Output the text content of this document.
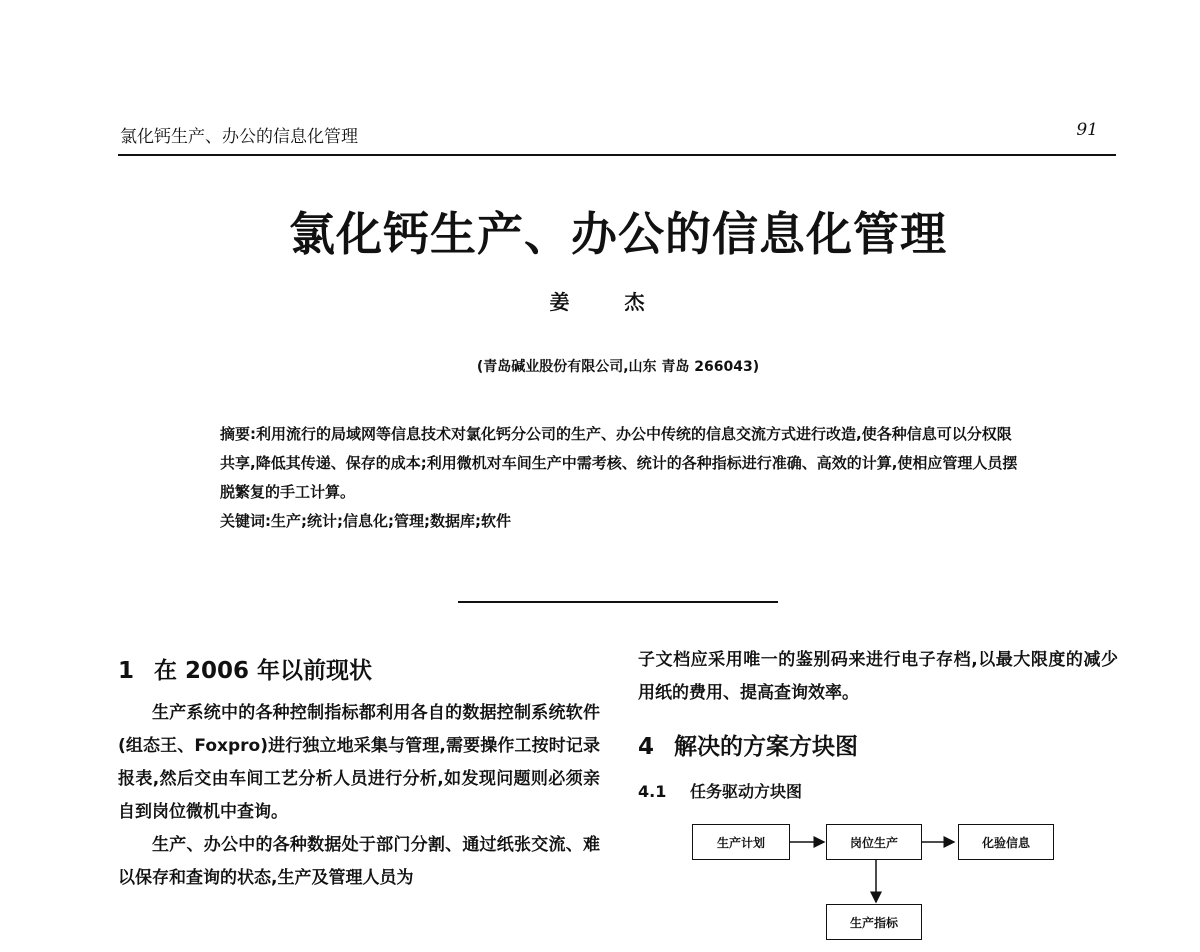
氯化钙生产、办公的信息化管理	91
氯化钙生产、办公的信息化管理
姜 杰
(青岛碱业股份有限公司,山东 青岛 266043)

摘要:利用流行的局域网等信息技术对氯化钙分公司的生产、办公中传统的信息交流方式进行改造,使各种信息可以分权限共享,降低其传递、保存的成本;利用微机对车间生产中需考核、统计的各种指标进行准确、高效的计算,使相应管理人员摆脱繁复的手工计算。

关键词:生产;统计;信息化;管理;数据库;软件

1 在 2006 年以前现状

生产系统中的各种控制指标都利用各自的数据控制系统软件(组态王、Foxpro)进行独立地采集与管理,需要操作工按时记录报表,然后交由车间工艺分析人员进行分析,如发现问题则必须亲自到岗位微机中查询。

生产、办公中的各种数据处于部门分割、通过纸张交流、难以保存和查询的状态,生产及管理人员为

子文档应采用唯一的鉴别码来进行电子存档,以最大限度的减少用纸的费用、提高查询效率。

4 解决的方案方块图
4.1 任务驱动方块图
生产计划	岗位生产	化验信息
生产指标
